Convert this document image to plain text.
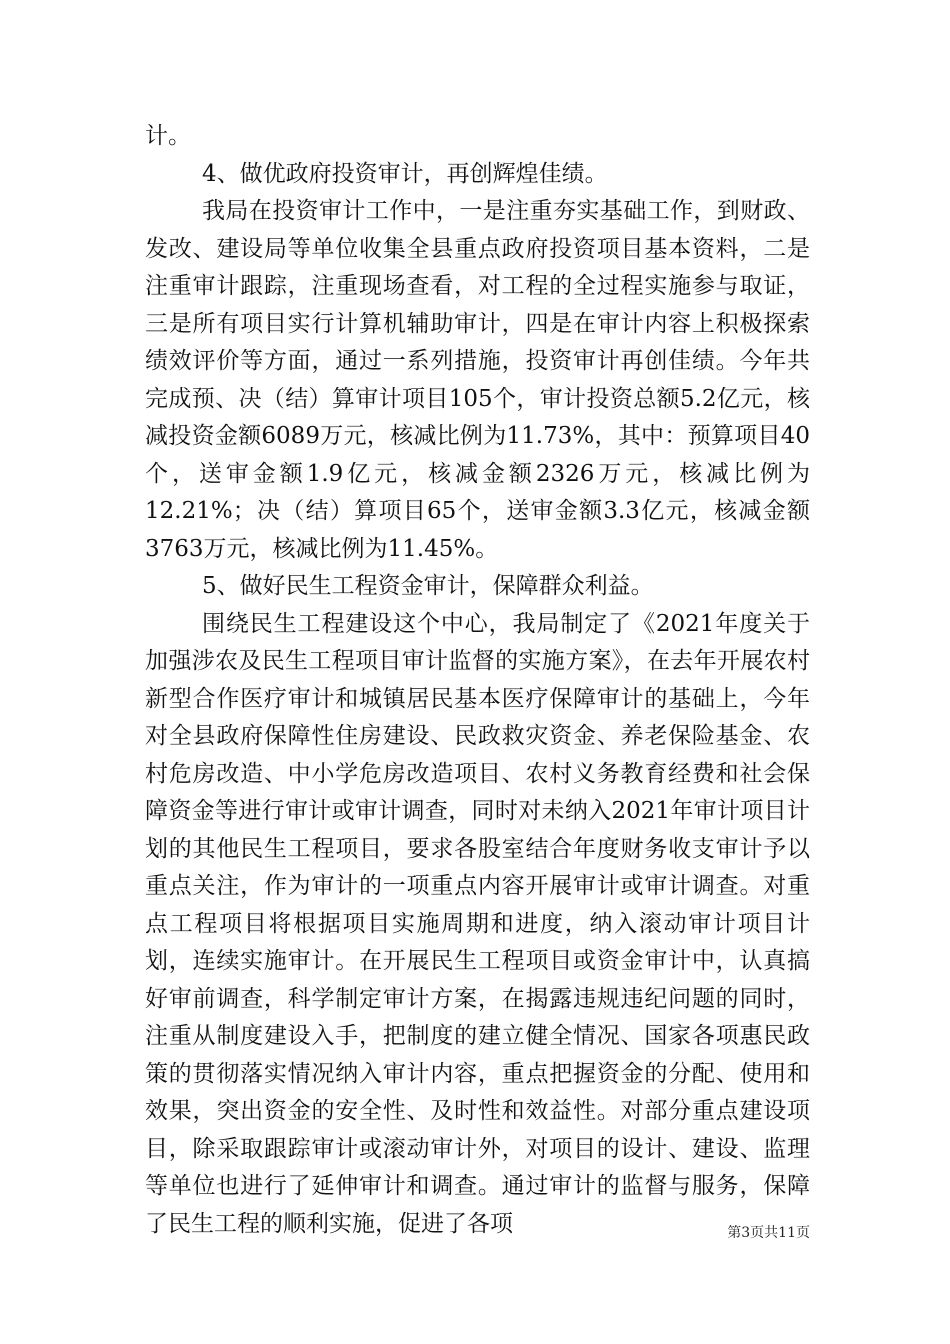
计。

4、做优政府投资审计，再创辉煌佳绩。

我局在投资审计工作中，一是注重夯实基础工作，到财政、发改、建设局等单位收集全县重点政府投资项目基本资料，二是注重审计跟踪，注重现场查看，对工程的全过程实施参与取证，三是所有项目实行计算机辅助审计，四是在审计内容上积极探索绩效评价等方面，通过一系列措施，投资审计再创佳绩。今年共完成预、决（结）算审计项目105个，审计投资总额5.2亿元，核减投资金额6089万元，核减比例为11.73%，其中：预算项目40个，送审金额1.9亿元，核减金额2326万元，核减比例为12.21%；决（结）算项目65个，送审金额3.3亿元，核减金额3763万元，核减比例为11.45%。

5、做好民生工程资金审计，保障群众利益。

围绕民生工程建设这个中心，我局制定了《2021年度关于加强涉农及民生工程项目审计监督的实施方案》，在去年开展农村新型合作医疗审计和城镇居民基本医疗保障审计的基础上，今年对全县政府保障性住房建设、民政救灾资金、养老保险基金、农村危房改造、中小学危房改造项目、农村义务教育经费和社会保障资金等进行审计或审计调查，同时对未纳入2021年审计项目计划的其他民生工程项目，要求各股室结合年度财务收支审计予以重点关注，作为审计的一项重点内容开展审计或审计调查。对重点工程项目将根据项目实施周期和进度，纳入滚动审计项目计划，连续实施审计。在开展民生工程项目或资金审计中，认真搞好审前调查，科学制定审计方案，在揭露违规违纪问题的同时，注重从制度建设入手，把制度的建立健全情况、国家各项惠民政策的贯彻落实情况纳入审计内容，重点把握资金的分配、使用和效果，突出资金的安全性、及时性和效益性。对部分重点建设项目，除采取跟踪审计或滚动审计外，对项目的设计、建设、监理等单位也进行了延伸审计和调查。通过审计的监督与服务，保障了民生工程的顺利实施，促进了各项	第3页共11页
